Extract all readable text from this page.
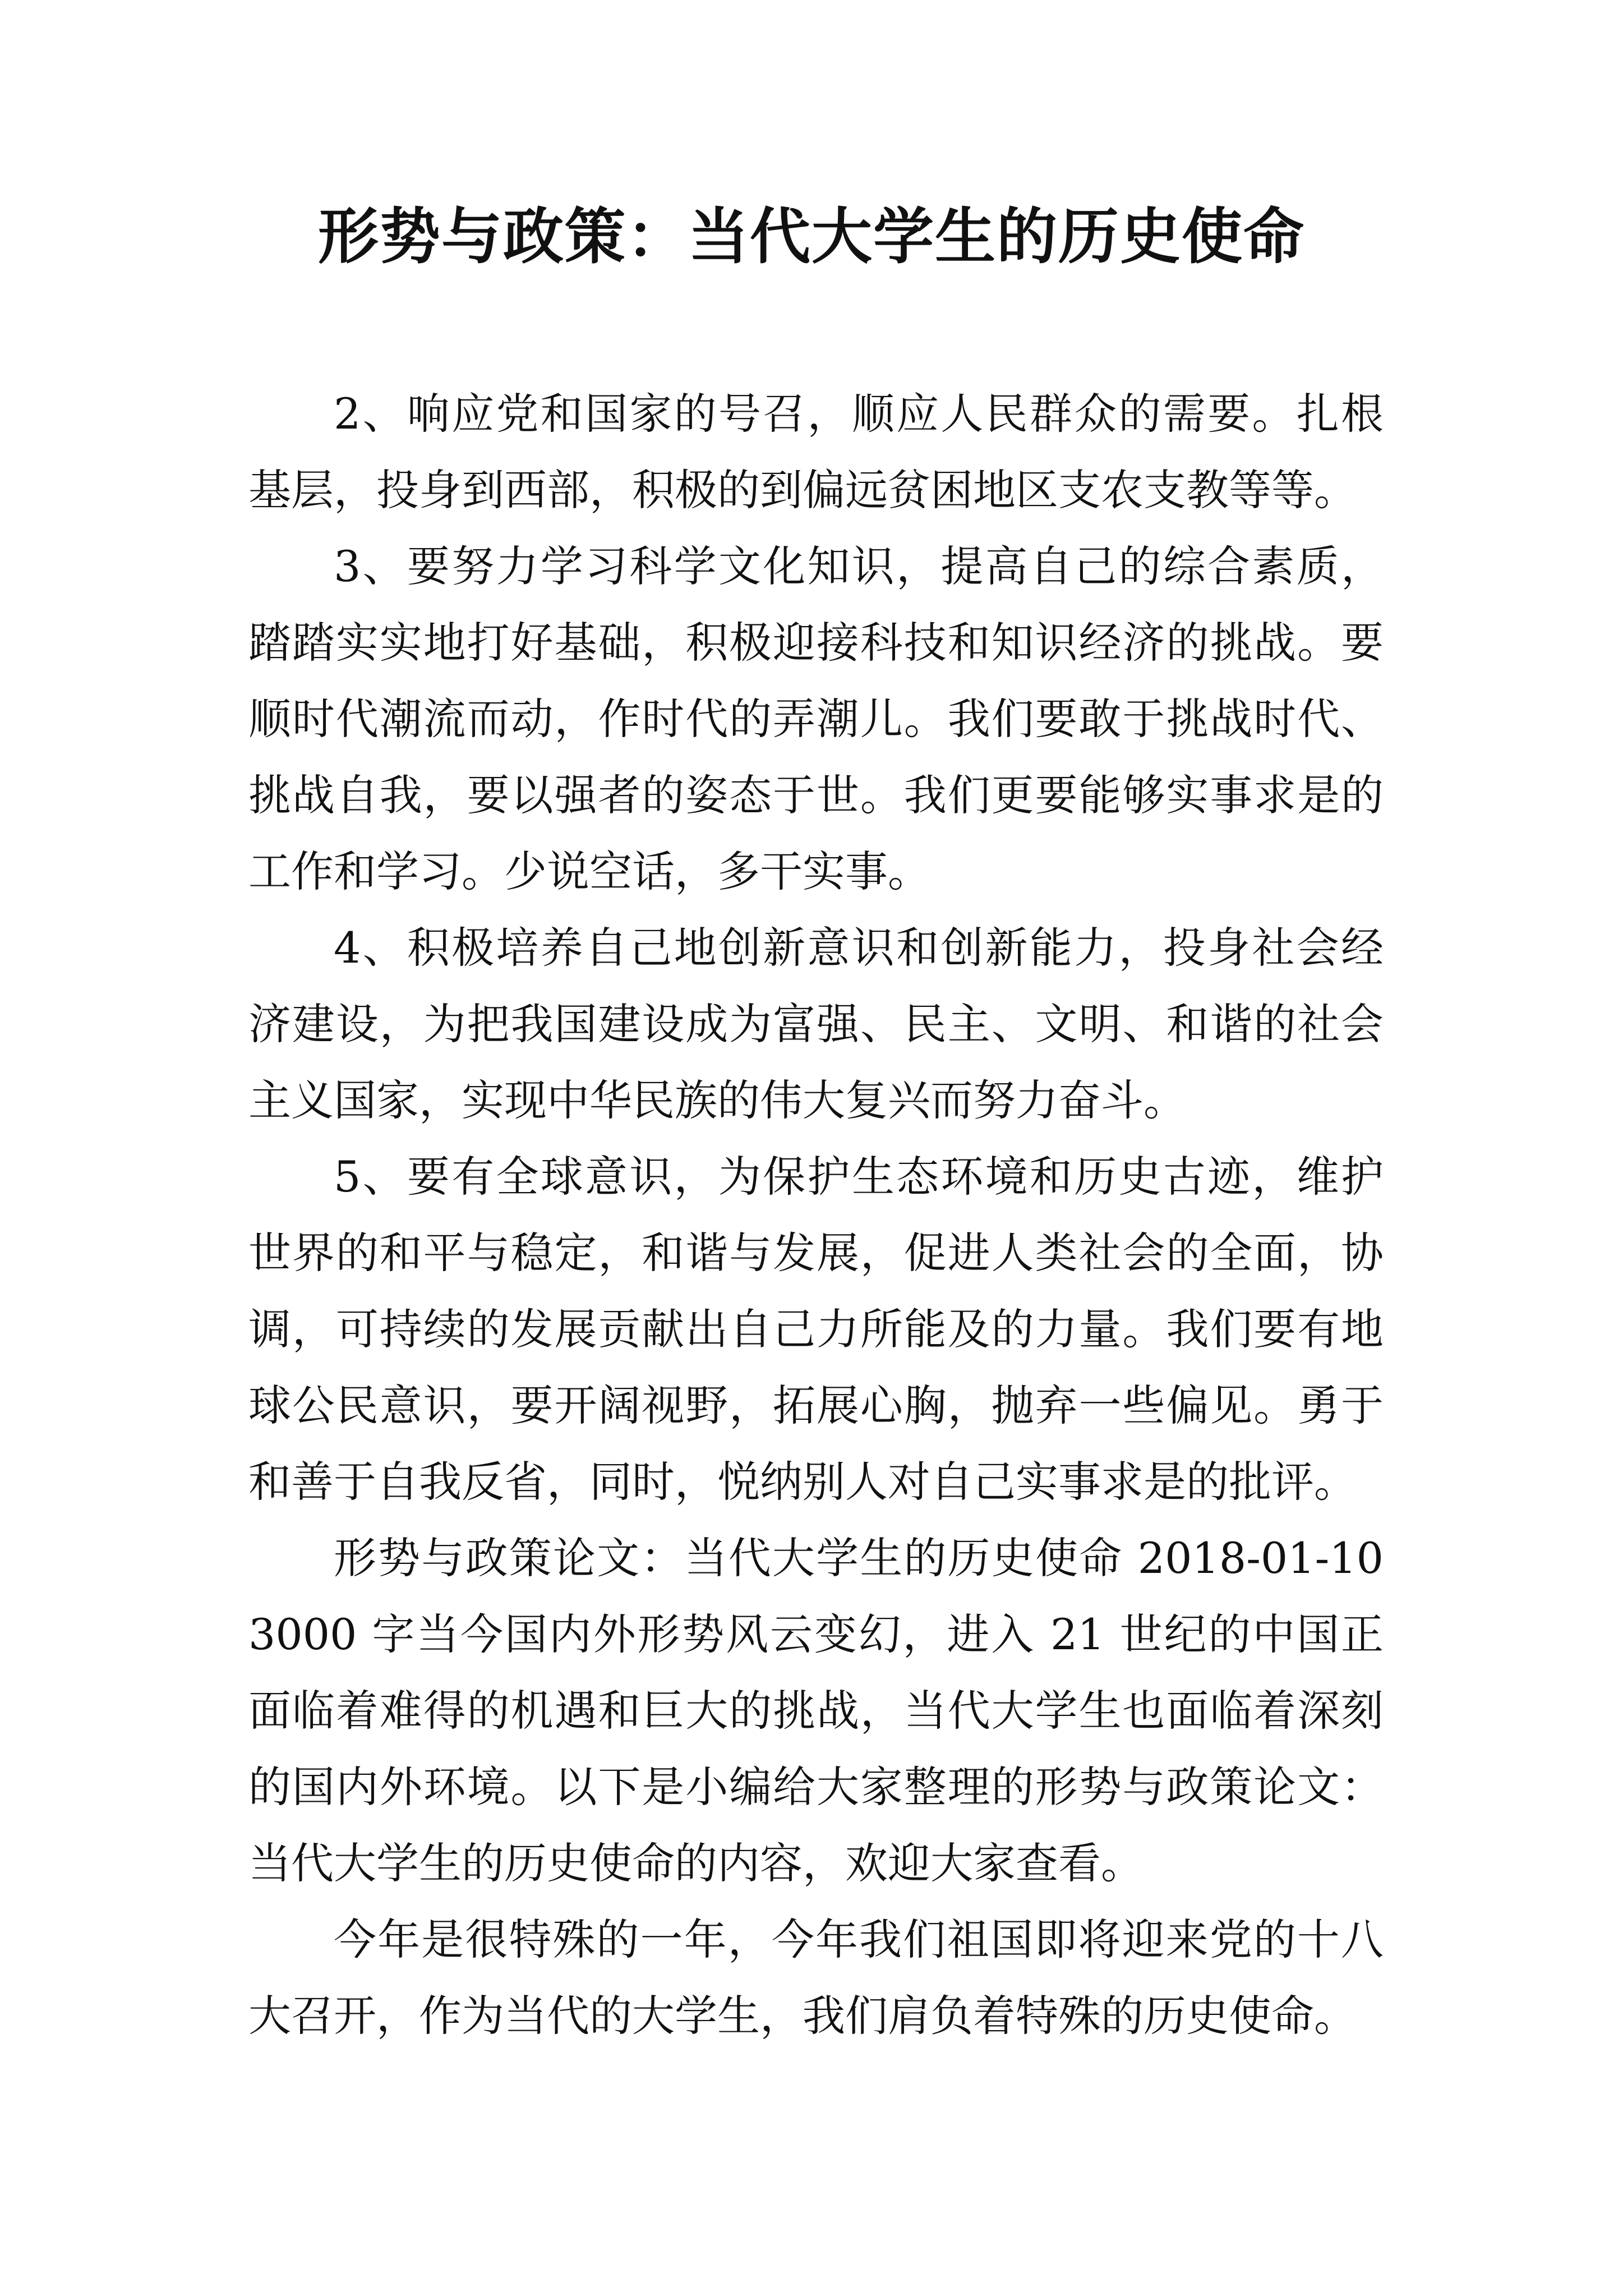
形势与政策：当代大学生的历史使命

2、响应党和国家的号召，顺应人民群众的需要。扎根基层，投身到西部，积极的到偏远贫困地区支农支教等等。

3、要努力学习科学文化知识，提高自己的综合素质，踏踏实实地打好基础，积极迎接科技和知识经济的挑战。要顺时代潮流而动，作时代的弄潮儿。我们要敢于挑战时代、挑战自我，要以强者的姿态于世。我们更要能够实事求是的工作和学习。少说空话，多干实事。

4、积极培养自己地创新意识和创新能力，投身社会经济建设，为把我国建设成为富强、民主、文明、和谐的社会主义国家，实现中华民族的伟大复兴而努力奋斗。

5、要有全球意识，为保护生态环境和历史古迹，维护世界的和平与稳定，和谐与发展，促进人类社会的全面，协调，可持续的发展贡献出自己力所能及的力量。我们要有地球公民意识，要开阔视野，拓展心胸，抛弃一些偏见。勇于和善于自我反省，同时，悦纳别人对自己实事求是的批评。

形势与政策论文：当代大学生的历史使命 2018-01-10 3000 字当今国内外形势风云变幻，进入 21 世纪的中国正面临着难得的机遇和巨大的挑战，当代大学生也面临着深刻的国内外环境。以下是小编给大家整理的形势与政策论文：当代大学生的历史使命的内容，欢迎大家查看。

今年是很特殊的一年，今年我们祖国即将迎来党的十八大召开，作为当代的大学生，我们肩负着特殊的历史使命。
